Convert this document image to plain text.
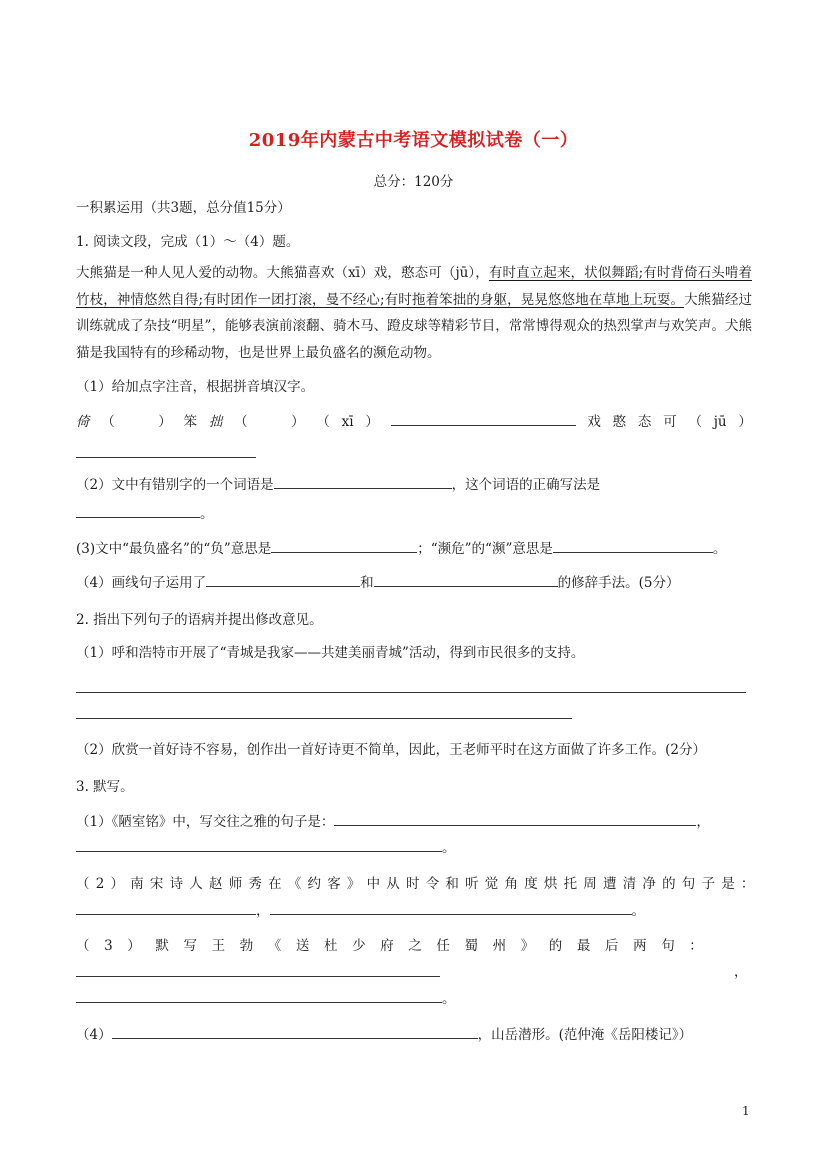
2019年内蒙古中考语文模拟试卷（一）
总分：120分
一积累运用（共3题，总分值15分）
1. 阅读文段，完成（1）～（4）题。
大熊猫是一种人见人爱的动物。大熊猫喜欢（xī）戏，憨态可（jū），有时直立起来，状似舞蹈;有时背倚石头啃着竹枝，神情悠然自得;有时团作一团打滚，曼不经心;有时拖着笨拙的身躯，晃晃悠悠地在草地上玩耍。大熊猫经过训练就成了杂技“明星”，能够表演前滚翻、骑木马、蹬皮球等精彩节目，常常博得观众的热烈掌声与欢笑声。犬熊猫是我国特有的珍稀动物，也是世界上最负盛名的濒危动物。
（1）给加点字注音，根据拼音填汉字。
倚 （	） 笨 拙 （	） （ xī ）	戏 憨 态 可 （ jū ）
（2）文中有错别字的一个词语是	，这个词语的正确写法是
。
(3)文中“最负盛名”的“负”意思是	；“濒危”的“濒”意思是	。
（4）画线句子运用了	和	的修辞手法。(5分）
2. 指出下列句子的语病并提出修改意见。
（1）呼和浩特市开展了“青城是我家——共建美丽青城”活动，得到市民很多的支持。
（2）欣赏一首好诗不容易，创作出一首好诗更不简单，因此，王老师平时在这方面做了许多工作。(2分）
3. 默写。
（1）《陋室铭》中，写交往之雅的句子是：	，
。
（2）南宋诗人赵师秀在《约客》中从时令和听觉角度烘托周遭清净的句子是：
，	。
（3）默写王勃《送杜少府之任蜀州》的最后两句：
，
。
（4）	，山岳潜形。(范仲淹《岳阳楼记》）
1
